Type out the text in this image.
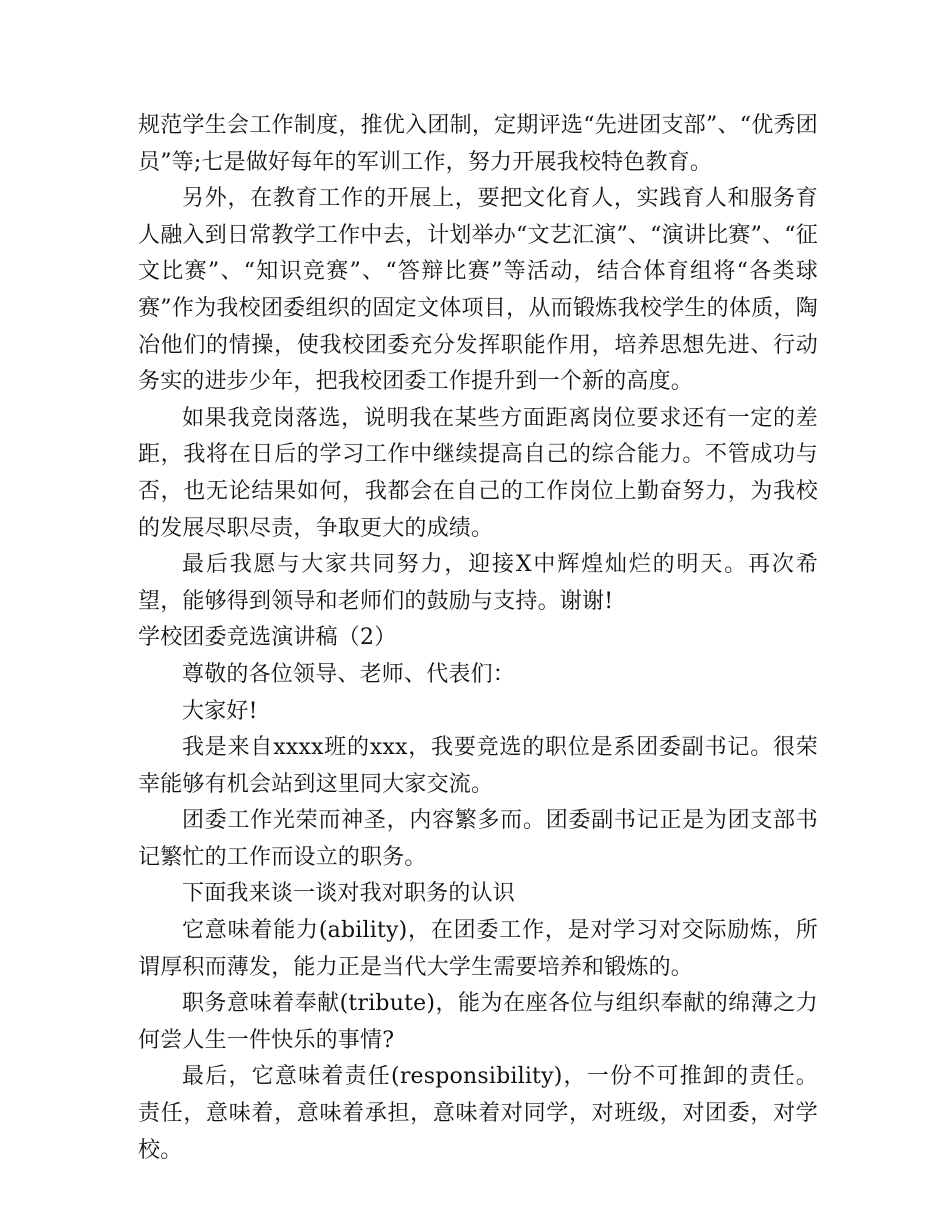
规范学生会工作制度，推优入团制，定期评选“先进团支部”、“优秀团员”等;七是做好每年的军训工作，努力开展我校特色教育。

另外，在教育工作的开展上，要把文化育人，实践育人和服务育人融入到日常教学工作中去，计划举办“文艺汇演”、“演讲比赛”、“征文比赛”、“知识竞赛”、“答辩比赛”等活动，结合体育组将“各类球赛”作为我校团委组织的固定文体项目，从而锻炼我校学生的体质，陶冶他们的情操，使我校团委充分发挥职能作用，培养思想先进、行动务实的进步少年，把我校团委工作提升到一个新的高度。

如果我竞岗落选，说明我在某些方面距离岗位要求还有一定的差距，我将在日后的学习工作中继续提高自己的综合能力。不管成功与否，也无论结果如何，我都会在自己的工作岗位上勤奋努力，为我校的发展尽职尽责，争取更大的成绩。

最后我愿与大家共同努力，迎接X中辉煌灿烂的明天。再次希望，能够得到领导和老师们的鼓励与支持。谢谢!

学校团委竞选演讲稿（2）

尊敬的各位领导、老师、代表们：

大家好!

我是来自xxxx班的xxx，我要竞选的职位是系团委副书记。很荣幸能够有机会站到这里同大家交流。

团委工作光荣而神圣，内容繁多而。团委副书记正是为团支部书记繁忙的工作而设立的职务。

下面我来谈一谈对我对职务的认识

它意味着能力(ability)，在团委工作，是对学习对交际励炼，所谓厚积而薄发，能力正是当代大学生需要培养和锻炼的。

职务意味着奉献(tribute)，能为在座各位与组织奉献的绵薄之力何尝人生一件快乐的事情?

最后，它意味着责任(responsibility)，一份不可推卸的责任。责任，意味着，意味着承担，意味着对同学，对班级，对团委，对学校。
